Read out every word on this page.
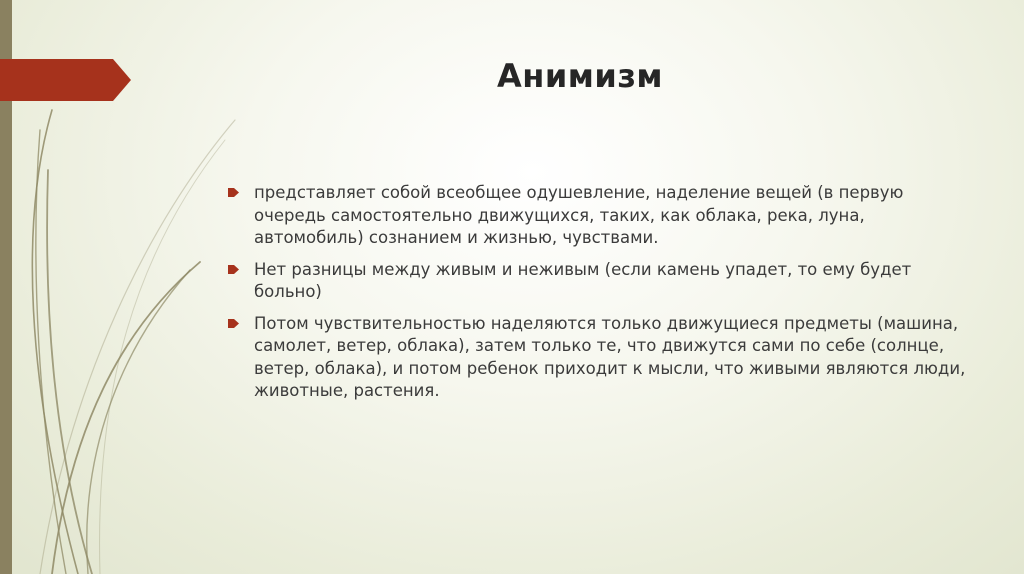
Анимизм
представляет собой всеобщее одушевление, наделение вещей (в первую очередь самостоятельно движущихся, таких, как облака, река, луна, автомобиль) сознанием и жизнью, чувствами.
Нет разницы между живым и неживым (если камень упадет, то ему будет больно)
Потом чувствительностью наделяются только движущиеся предметы (машина, самолет, ветер, облака), затем только те, что движутся сами по себе (солнце, ветер, облака), и потом ребенок приходит к мысли, что живыми являются люди, животные, растения.
